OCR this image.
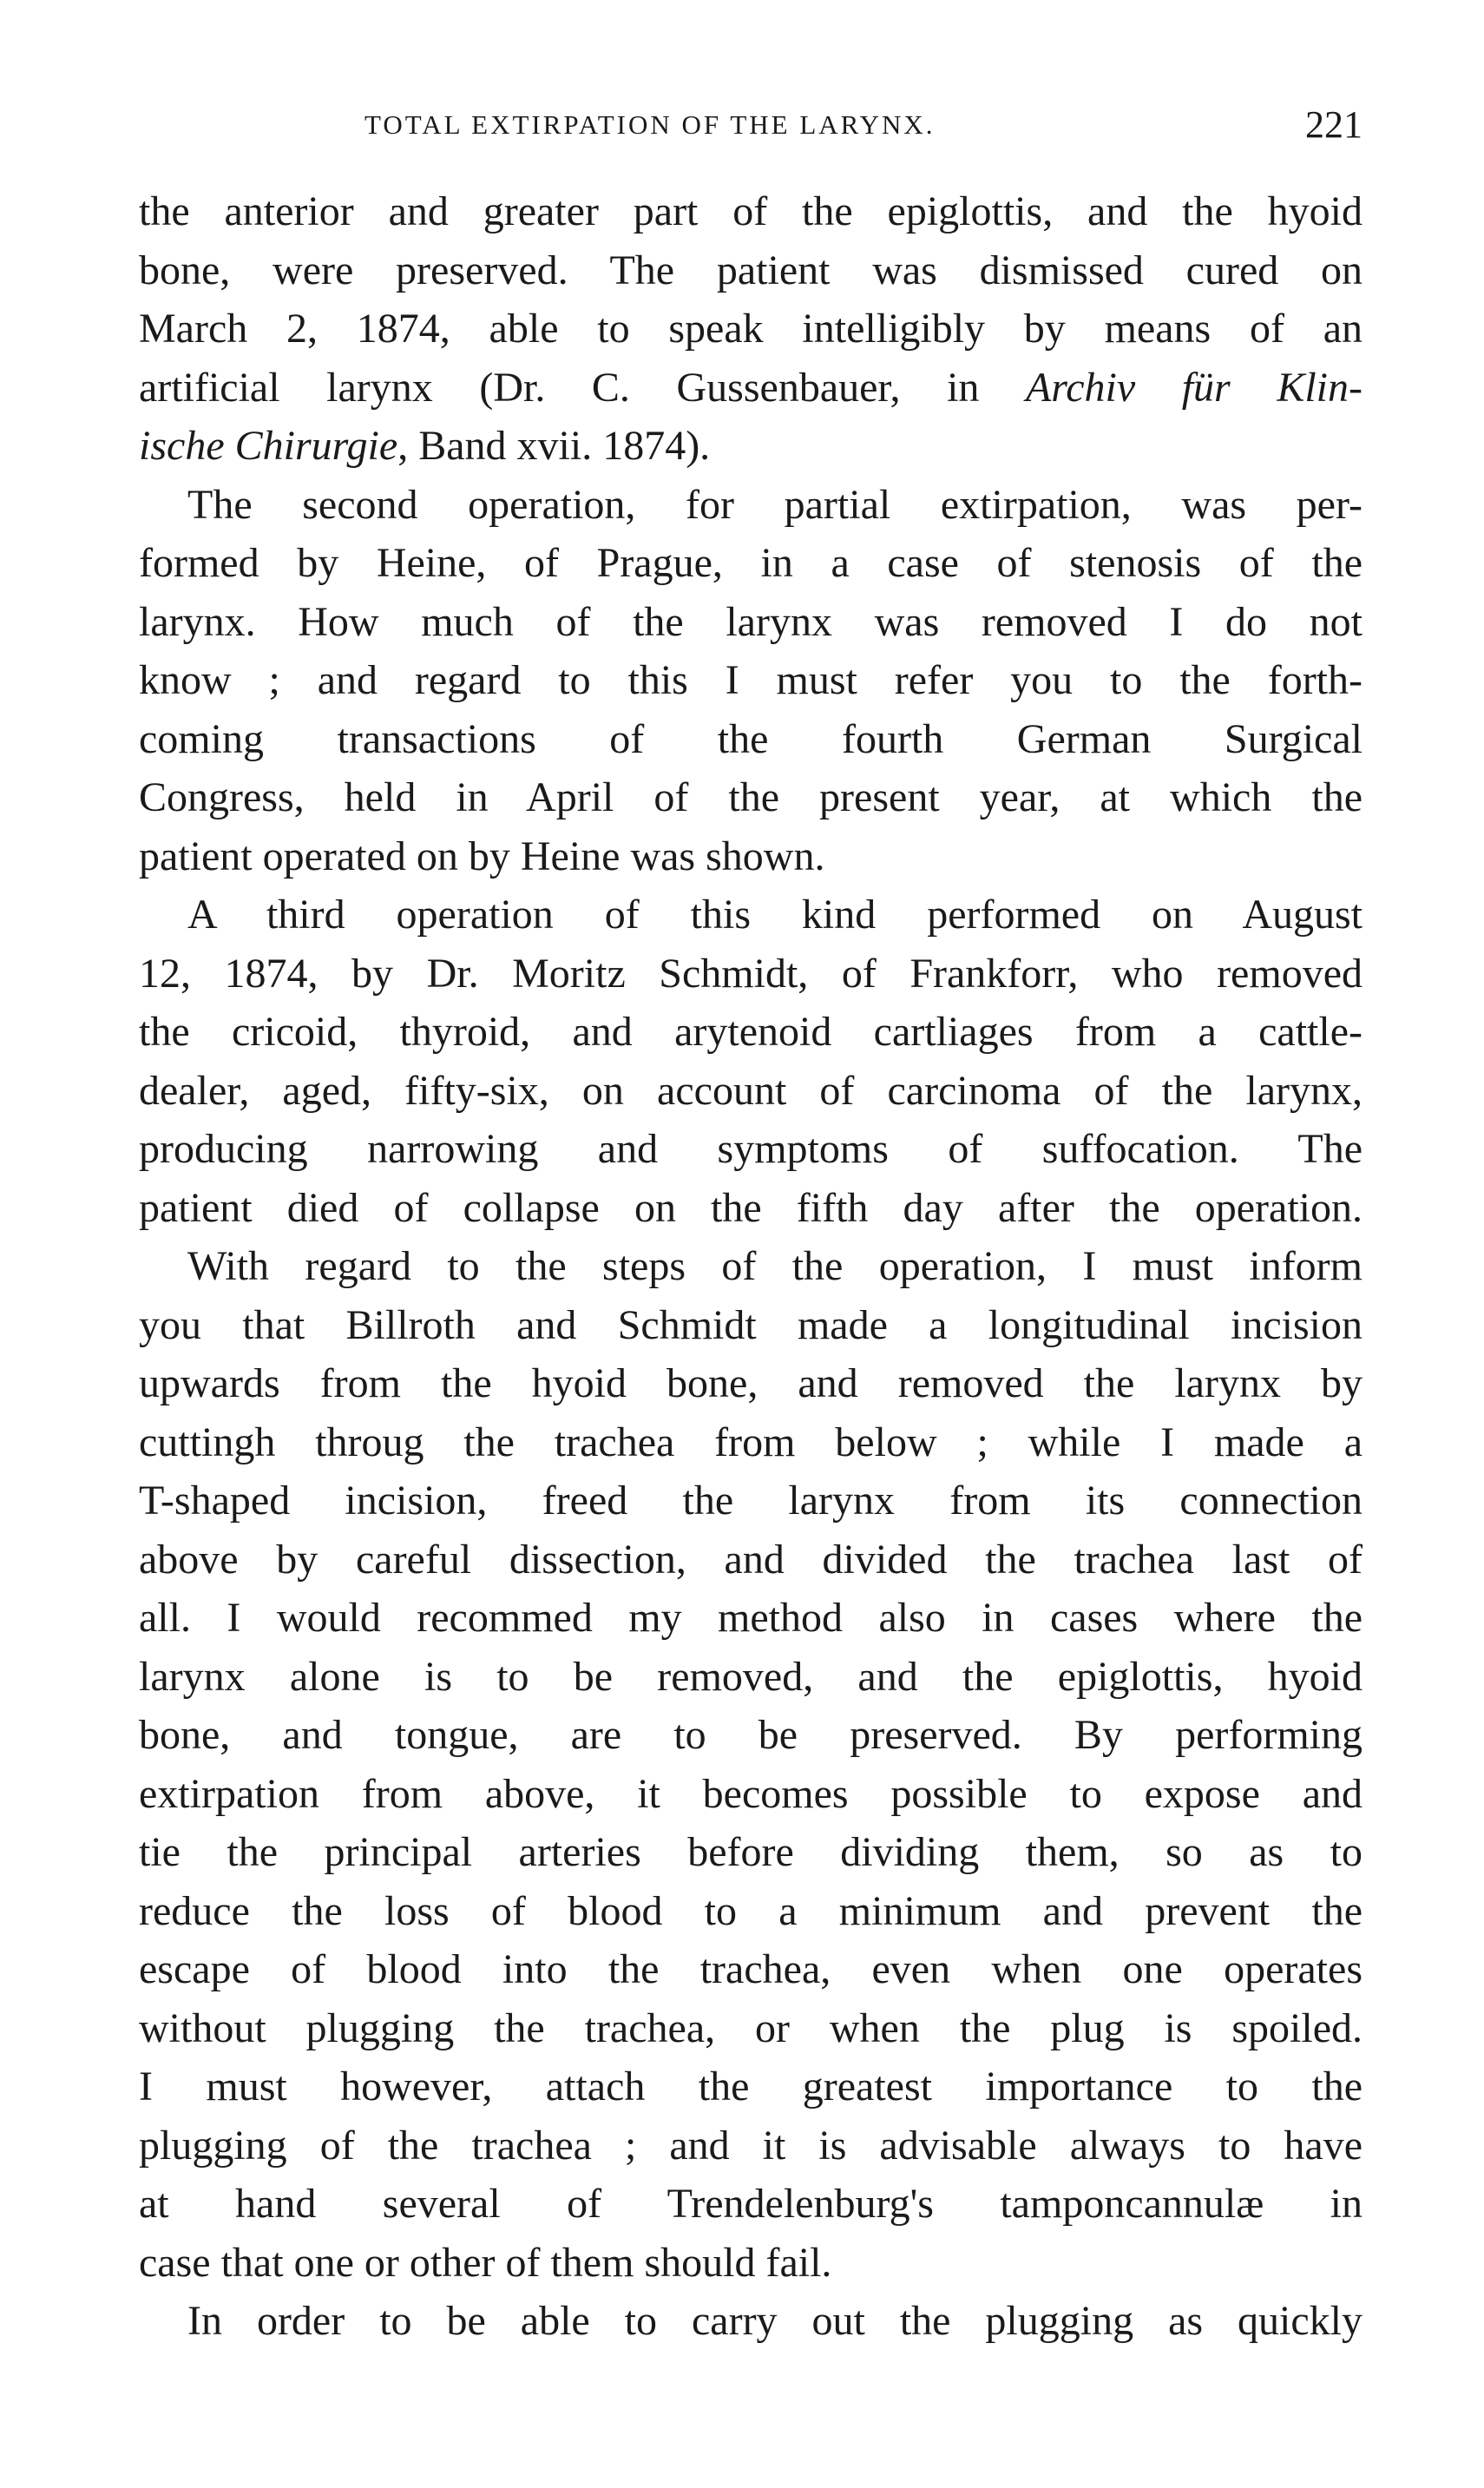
TOTAL EXTIRPATION OF THE LARYNX.	221
the anterior and greater part of the epiglottis, and the hyoid
bone, were preserved. The patient was dismissed cured on
March 2, 1874, able to speak intelligibly by means of an
artificial larynx (Dr. C. Gussenbauer, in Archiv für Klin-
ische Chirurgie, Band xvii. 1874).
The second operation, for partial extirpation, was per-
formed by Heine, of Prague, in a case of stenosis of the
larynx. How much of the larynx was removed I do not
know ; and regard to this I must refer you to the forth-
coming transactions of the fourth German Surgical
Congress, held in April of the present year, at which the
patient operated on by Heine was shown.
A third operation of this kind performed on August
12, 1874, by Dr. Moritz Schmidt, of Frankforr, who removed
the cricoid, thyroid, and arytenoid cartliages from a cattle-
dealer, aged, fifty-six, on account of carcinoma of the larynx,
producing narrowing and symptoms of suffocation. The
patient died of collapse on the fifth day after the operation.
With regard to the steps of the operation, I must inform
you that Billroth and Schmidt made a longitudinal incision
upwards from the hyoid bone, and removed the larynx by
cuttingh throug the trachea from below ; while I made a
T-shaped incision, freed the larynx from its connection
above by careful dissection, and divided the trachea last of
all. I would recommed my method also in cases where the
larynx alone is to be removed, and the epiglottis, hyoid
bone, and tongue, are to be preserved. By performing
extirpation from above, it becomes possible to expose and
tie the principal arteries before dividing them, so as to
reduce the loss of blood to a minimum and prevent the
escape of blood into the trachea, even when one operates
without plugging the trachea, or when the plug is spoiled.
I must however, attach the greatest importance to the
plugging of the trachea ; and it is advisable always to have
at hand several of Trendelenburg's tamponcannulæ in
case that one or other of them should fail.
In order to be able to carry out the plugging as quickly
